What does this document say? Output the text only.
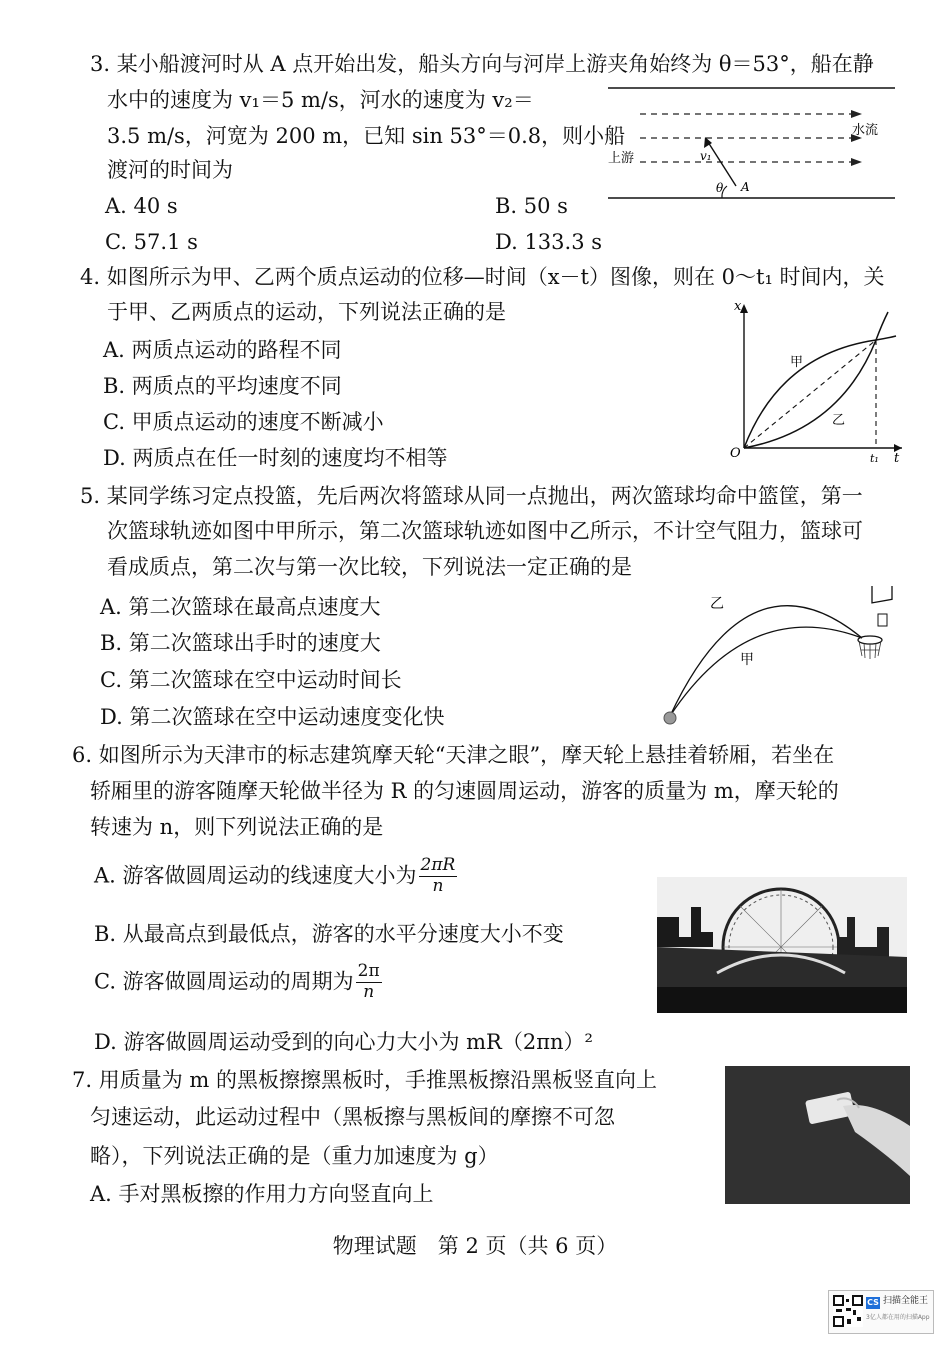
3. 某小船渡河时从 A 点开始出发，船头方向与河岸上游夹角始终为 θ＝53°，船在静
水中的速度为 v₁＝5 m/s，河水的速度为 v₂＝
3.5 m/s，河宽为 200 m，已知 sin 53°＝0.8，则小船
渡河的时间为
A. 40 s	B. 50 s
C. 57.1 s	D. 133.3 s
水流
上游	v₁
θ A
4. 如图所示为甲、乙两个质点运动的位移—时间（x－t）图像，则在 0～t₁ 时间内，关
于甲、乙两质点的运动，下列说法正确的是
A. 两质点运动的路程不同
B. 两质点的平均速度不同
C. 甲质点运动的速度不断减小
D. 两质点在任一时刻的速度均不相等
x
t
O	t₁
甲
乙
5. 某同学练习定点投篮，先后两次将篮球从同一点抛出，两次篮球均命中篮筐，第一
次篮球轨迹如图中甲所示，第二次篮球轨迹如图中乙所示，不计空气阻力，篮球可
看成质点，第二次与第一次比较，下列说法一定正确的是
A. 第二次篮球在最高点速度大
B. 第二次篮球出手时的速度大
C. 第二次篮球在空中运动时间长
D. 第二次篮球在空中运动速度变化快
乙
甲
6. 如图所示为天津市的标志建筑摩天轮“天津之眼”，摩天轮上悬挂着轿厢，若坐在
轿厢里的游客随摩天轮做半径为 R 的匀速圆周运动，游客的质量为 m，摩天轮的
转速为 n，则下列说法正确的是
A. 游客做圆周运动的线速度大小为 $\frac{2\pi R}{n}$
B. 从最高点到最低点，游客的水平分速度大小不变
C. 游客做圆周运动的周期为 $\frac{2\pi}{n}$
D. 游客做圆周运动受到的向心力大小为 mR（2πn）²
7. 用质量为 m 的黑板擦擦黑板时，手推黑板擦沿黑板竖直向上
匀速运动，此运动过程中（黑板擦与黑板间的摩擦不可忽
略），下列说法正确的是（重力加速度为 g）
A. 手对黑板擦的作用力方向竖直向上
物理试题　第 2 页（共 6 页）
CS 扫描全能王
3亿人都在用的扫描App
